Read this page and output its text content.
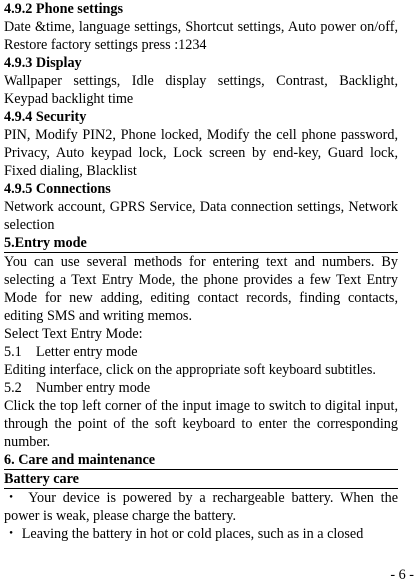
4.9.2 Phone settings

Date &time, language settings, Shortcut settings, Auto power on/off, Restore factory settings press :1234

4.9.3 Display

Wallpaper settings, Idle display settings, Contrast, Backlight, Keypad backlight time

4.9.4 Security

PIN, Modify PIN2, Phone locked, Modify the cell phone password, Privacy, Auto keypad lock, Lock screen by end-key, Guard lock, Fixed dialing, Blacklist

4.9.5 Connections

Network account, GPRS Service, Data connection settings, Network selection

5.Entry mode

You can use several methods for entering text and numbers. By selecting a Text Entry Mode, the phone provides a few Text Entry Mode for new adding, editing contact records, finding contacts, editing SMS and writing memos.

Select Text Entry Mode:

5.1    Letter entry mode

Editing interface, click on the appropriate soft keyboard subtitles.

5.2    Number entry mode

Click the top left corner of the input image to switch to digital input, through the point of the soft keyboard to enter the corresponding number.

6. Care and maintenance

Battery care

・ Your device is powered by a rechargeable battery. When the power is weak, please charge the battery.

・ Leaving the battery in hot or cold places, such as in a closed

- 6 -
